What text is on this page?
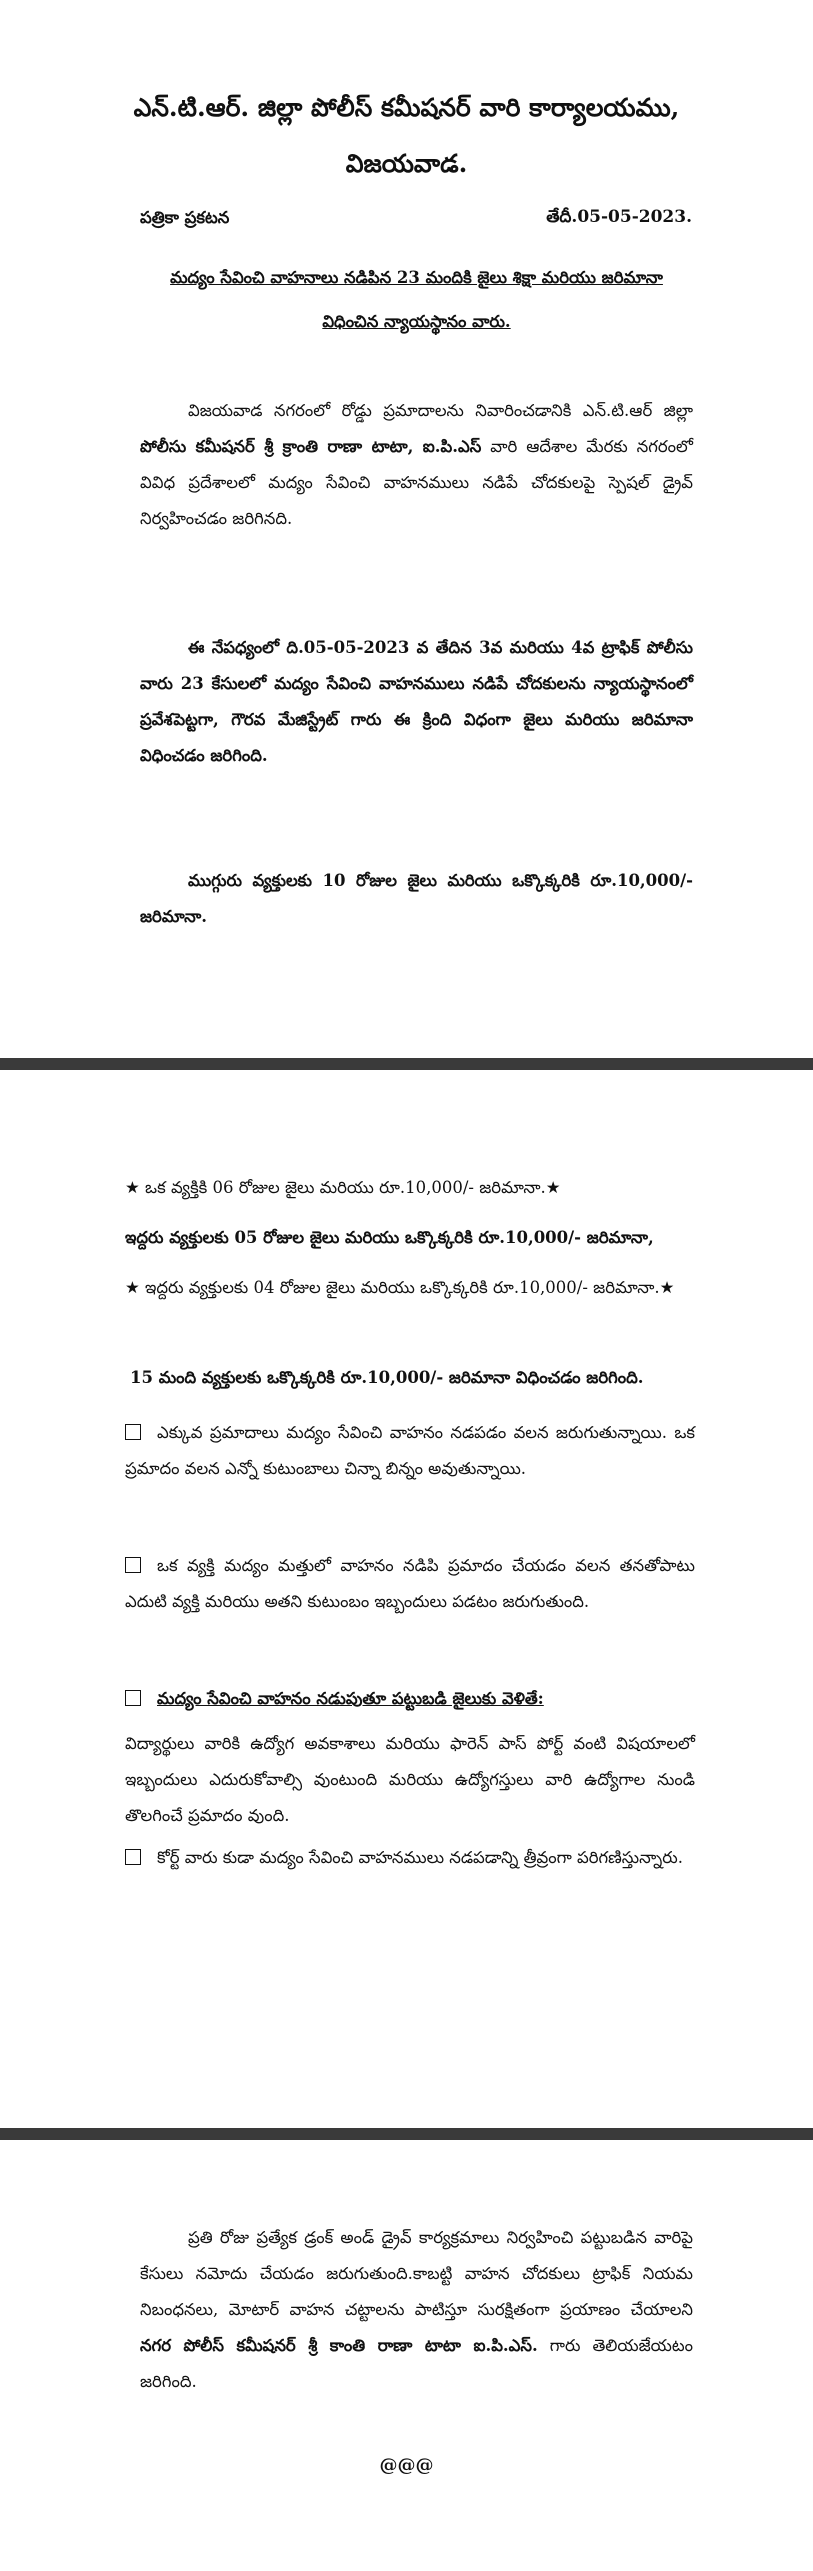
ఎన్.టి.ఆర్. జిల్లా పోలీస్ కమీషనర్ వారి కార్యాలయము,
విజయవాడ.
పత్రికా ప్రకటన	తేదీ.05-05-2023.
మద్యం సేవించి వాహనాలు నడిపిన 23 మందికి జైలు శిక్షా మరియు జరిమానా
విధించిన న్యాయస్థానం వారు.
విజయవాడ నగరంలో రోడ్డు ప్రమాదాలను నివారించడానికి ఎన్.టి.ఆర్ జిల్లా పోలీసు కమీషనర్ శ్రీ క్రాంతి రాణా టాటా, ఐ.పి.ఎస్ వారి ఆదేశాల మేరకు నగరంలో వివిధ ప్రదేశాలలో మద్యం సేవించి వాహనములు నడిపే చోదకులపై స్పెషల్ డ్రైవ్ నిర్వహించడం జరిగినది.
ఈ నేపధ్యంలో ది.05-05-2023 వ తేదిన 3వ మరియు 4వ ట్రాఫిక్ పోలీసు వారు 23 కేసులలో మద్యం సేవించి వాహనములు నడిపే చోదకులను న్యాయస్థానంలో ప్రవేశపెట్టగా, గౌరవ మేజిస్ట్రేట్ గారు ఈ క్రింది విధంగా జైలు మరియు జరిమానా విధించడం జరిగింది.
ముగ్గురు వ్యక్తులకు 10 రోజుల జైలు మరియు ఒక్కొక్కరికి రూ.10,000/- జరిమానా.
★ ఒక వ్యక్తికి 06 రోజుల జైలు మరియు రూ.10,000/- జరిమానా.★
ఇద్దరు వ్యక్తులకు 05 రోజుల జైలు మరియు ఒక్కొక్కరికి రూ.10,000/- జరిమానా,
★ ఇద్దరు వ్యక్తులకు 04 రోజుల జైలు మరియు ఒక్కొక్కరికి రూ.10,000/- జరిమానా.★
15 మంది వ్యక్తులకు ఒక్కొక్కరికి రూ.10,000/- జరిమానా విధించడం జరిగింది.
ఎక్కువ ప్రమాదాలు మద్యం సేవించి వాహనం నడపడం వలన జరుగుతున్నాయి. ఒక ప్రమాదం వలన ఎన్నో కుటుంబాలు చిన్నా బిన్నం అవుతున్నాయి.
ఒక వ్యక్తి మద్యం మత్తులో వాహనం నడిపి ప్రమాదం చేయడం వలన తనతోపాటు ఎదుటి వ్యక్తి మరియు అతని కుటుంబం ఇబ్బందులు పడటం జరుగుతుంది.
మద్యం సేవించి వాహనం నడుపుతూ పట్టుబడి జైలుకు వెళితే:
విద్యార్థులు వారికి ఉద్యోగ అవకాశాలు మరియు ఫారెన్ పాస్ పోర్ట్ వంటి విషయాలలో ఇబ్బందులు ఎదురుకోవాల్సి వుంటుంది మరియు ఉద్యోగస్తులు వారి ఉద్యోగాల నుండి తొలగించే ప్రమాదం వుంది.
కోర్ట్ వారు కుడా మద్యం సేవించి వాహనములు నడపడాన్ని త్రీవ్రంగా పరిగణిస్తున్నారు.
ప్రతి రోజు ప్రత్యేక డ్రంక్ అండ్ డ్రైవ్ కార్యక్రమాలు నిర్వహించి పట్టుబడిన వారిపై కేసులు నమోదు చేయడం జరుగుతుంది.కాబట్టి వాహన చోదకులు ట్రాఫిక్ నియమ నిబంధనలు, మోటార్ వాహన చట్టాలను పాటిస్తూ సురక్షితంగా ప్రయాణం చేయాలని నగర పోలీస్ కమీషనర్ శ్రీ కాంతి రాణా టాటా ఐ.పి.ఎస్. గారు తెలియజేయటం జరిగింది.
@@@
